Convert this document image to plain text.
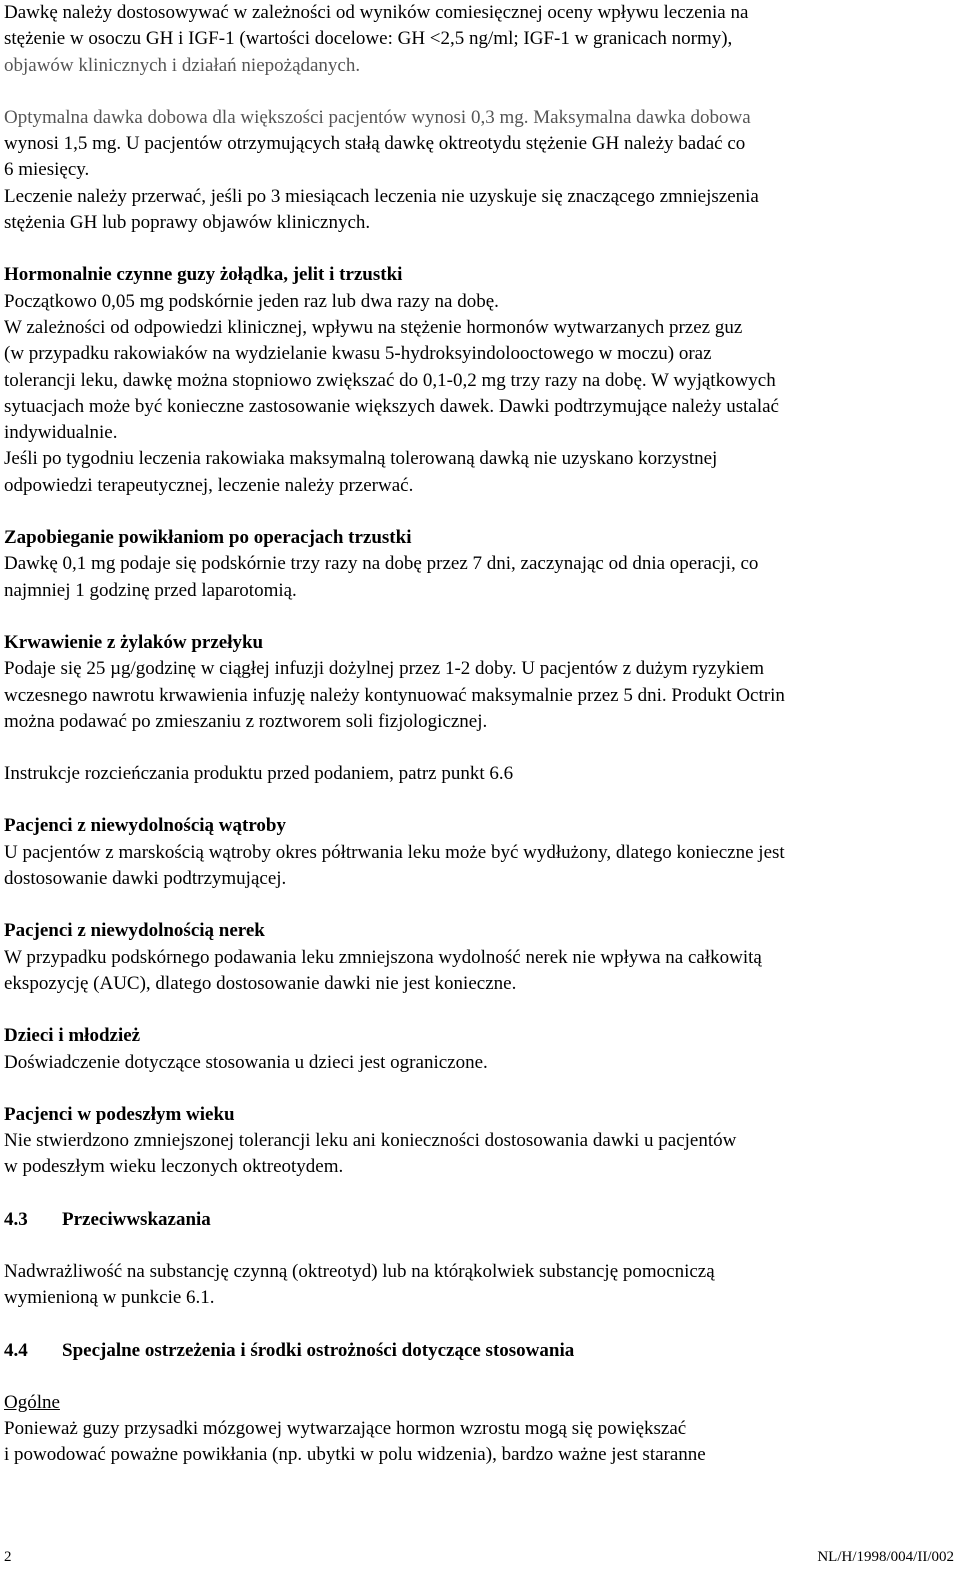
Dawkę należy dostosowywać w zależności od wyników comiesięcznej oceny wpływu leczenia na

stężenie w osoczu GH i IGF-1 (wartości docelowe: GH <2,5 ng/ml; IGF-1 w granicach normy),

objawów klinicznych i działań niepożądanych.

Optymalna dawka dobowa dla większości pacjentów wynosi 0,3 mg. Maksymalna dawka dobowa

wynosi 1,5 mg. U pacjentów otrzymujących stałą dawkę oktreotydu stężenie GH należy badać co

6 miesięcy.

Leczenie należy przerwać, jeśli po 3 miesiącach leczenia nie uzyskuje się znaczącego zmniejszenia

stężenia GH lub poprawy objawów klinicznych.

Hormonalnie czynne guzy żołądka, jelit i trzustki

Początkowo 0,05 mg podskórnie jeden raz lub dwa razy na dobę.

W zależności od odpowiedzi klinicznej, wpływu na stężenie hormonów wytwarzanych przez guz

(w przypadku rakowiaków na wydzielanie kwasu 5-hydroksyindolooctowego w moczu) oraz

tolerancji leku, dawkę można stopniowo zwiększać do 0,1-0,2 mg trzy razy na dobę. W wyjątkowych

sytuacjach może być konieczne zastosowanie większych dawek. Dawki podtrzymujące należy ustalać

indywidualnie.

Jeśli po tygodniu leczenia rakowiaka maksymalną tolerowaną dawką nie uzyskano korzystnej

odpowiedzi terapeutycznej, leczenie należy przerwać.

Zapobieganie powikłaniom po operacjach trzustki

Dawkę 0,1 mg podaje się podskórnie trzy razy na dobę przez 7 dni, zaczynając od dnia operacji, co

najmniej 1 godzinę przed laparotomią.

Krwawienie z żylaków przełyku

Podaje się 25 µg/godzinę w ciągłej infuzji dożylnej przez 1-2 doby. U pacjentów z dużym ryzykiem

wczesnego nawrotu krwawienia infuzję należy kontynuować maksymalnie przez 5 dni. Produkt Octrin

można podawać po zmieszaniu z roztworem soli fizjologicznej.

Instrukcje rozcieńczania produktu przed podaniem, patrz punkt 6.6

Pacjenci z niewydolnością wątroby

U pacjentów z marskością wątroby okres półtrwania leku może być wydłużony, dlatego konieczne jest

dostosowanie dawki podtrzymującej.

Pacjenci z niewydolnością nerek

W przypadku podskórnego podawania leku zmniejszona wydolność nerek nie wpływa na całkowitą

ekspozycję (AUC), dlatego dostosowanie dawki nie jest konieczne.

Dzieci i młodzież

Doświadczenie dotyczące stosowania u dzieci jest ograniczone.

Pacjenci w podeszłym wieku

Nie stwierdzono zmniejszonej tolerancji leku ani konieczności dostosowania dawki u pacjentów

w podeszłym wieku leczonych oktreotydem.

4.3 Przeciwwskazania

Nadwrażliwość na substancję czynną (oktreotyd) lub na którąkolwiek substancję pomocniczą

wymienioną w punkcie 6.1.

4.4 Specjalne ostrzeżenia i środki ostrożności dotyczące stosowania

Ogólne

Ponieważ guzy przysadki mózgowej wytwarzające hormon wzrostu mogą się powiększać

i powodować poważne powikłania (np. ubytki w polu widzenia), bardzo ważne jest staranne

2	NL/H/1998/004/II/002
